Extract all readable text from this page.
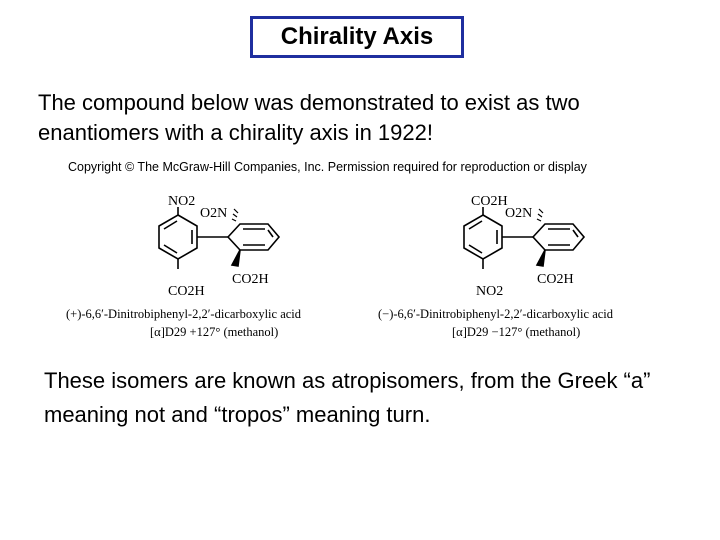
Chirality Axis
The compound below was demonstrated to exist as two enantiomers with a chirality axis in 1922!
Copyright © The McGraw-Hill Companies, Inc. Permission required for reproduction or display
NO2
CO2H
O2N
CO2H
(+)-6,6′-Dinitrobiphenyl-2,2′-dicarboxylic acid
[α]D29 +127° (methanol)
CO2H
NO2
O2N
CO2H
(−)-6,6′-Dinitrobiphenyl-2,2′-dicarboxylic acid
[α]D29 −127° (methanol)
These isomers are known as atropisomers, from the Greek “a” meaning not and “tropos” meaning turn.
